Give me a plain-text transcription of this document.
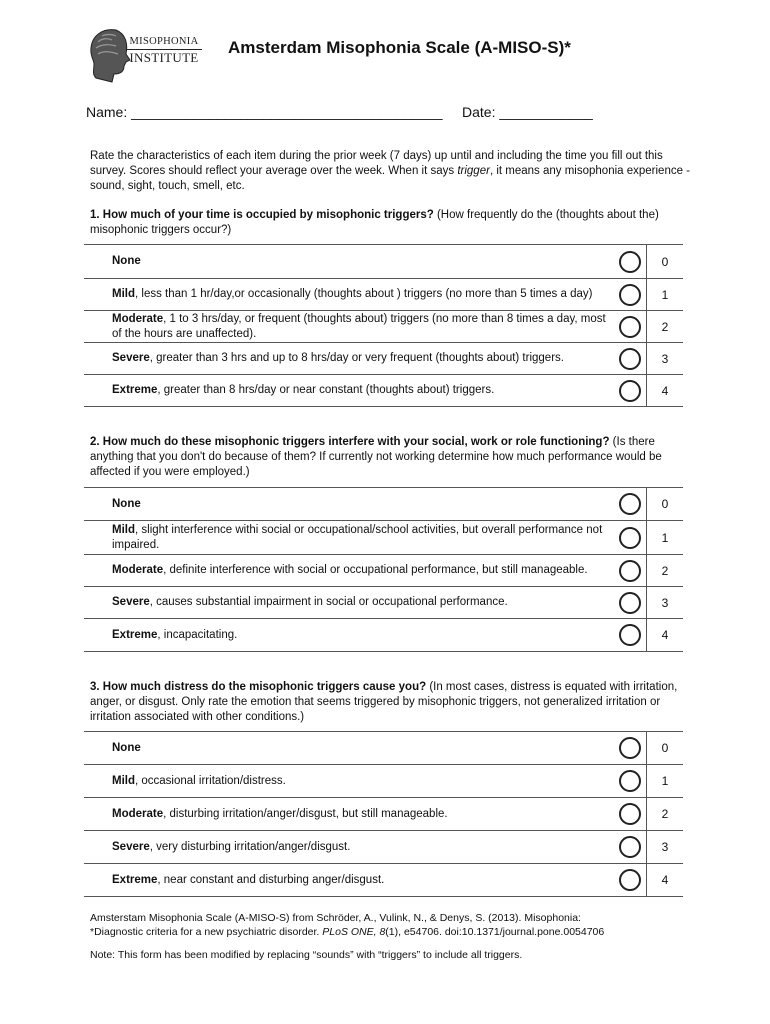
MISOPHONIA
INSTITUTE
Amsterdam Misophonia Scale (A-MISO-S)*
Name: ________________________________________ Date: ____________
Rate the characteristics of each item during the prior week (7 days) up until and including the time you fill out this survey. Scores should reflect your average over the week. When it says trigger, it means any misophonia experience - sound, sight, touch, smell, etc.
1. How much of your time is occupied by misophonic triggers? (How frequently do the (thoughts about the) misophonic triggers occur?)
None		0
Mild, less than 1 hr/day,or occasionally (thoughts about ) triggers (no more than 5 times a day)		1
Moderate, 1 to 3 hrs/day, or frequent (thoughts about) triggers (no more than 8 times a day, most of the hours are unaffected).		2
Severe, greater than 3 hrs and up to 8 hrs/day or very frequent (thoughts about) triggers.		3
Extreme, greater than 8 hrs/day or near constant (thoughts about) triggers.		4
2. How much do these misophonic triggers interfere with your social, work or role functioning? (Is there anything that you don't do because of them? If currently not working determine how much performance would be affected if you were employed.)
None		0
Mild, slight interference withi social or occupational/school activities, but overall performance not impaired.		1
Moderate, definite interference with social or occupational performance, but still manageable.		2
Severe, causes substantial impairment in social or occupational performance.		3
Extreme, incapacitating.		4
3. How much distress do the misophonic triggers cause you? (In most cases, distress is equated with irritation, anger, or disgust. Only rate the emotion that seems triggered by misophonic triggers, not generalized irritation or irritation associated with other conditions.)
None		0
Mild, occasional irritation/distress.		1
Moderate, disturbing irritation/anger/disgust, but still manageable.		2
Severe, very disturbing irritation/anger/disgust.		3
Extreme, near constant and disturbing anger/disgust.		4
Amsterstam Misophonia Scale (A-MISO-S) from Schröder, A., Vulink, N., & Denys, S. (2013). Misophonia:
*Diagnostic criteria for a new psychiatric disorder. PLoS ONE, 8(1), e54706. doi:10.1371/journal.pone.0054706
Note: This form has been modified by replacing “sounds” with “triggers” to include all triggers.
